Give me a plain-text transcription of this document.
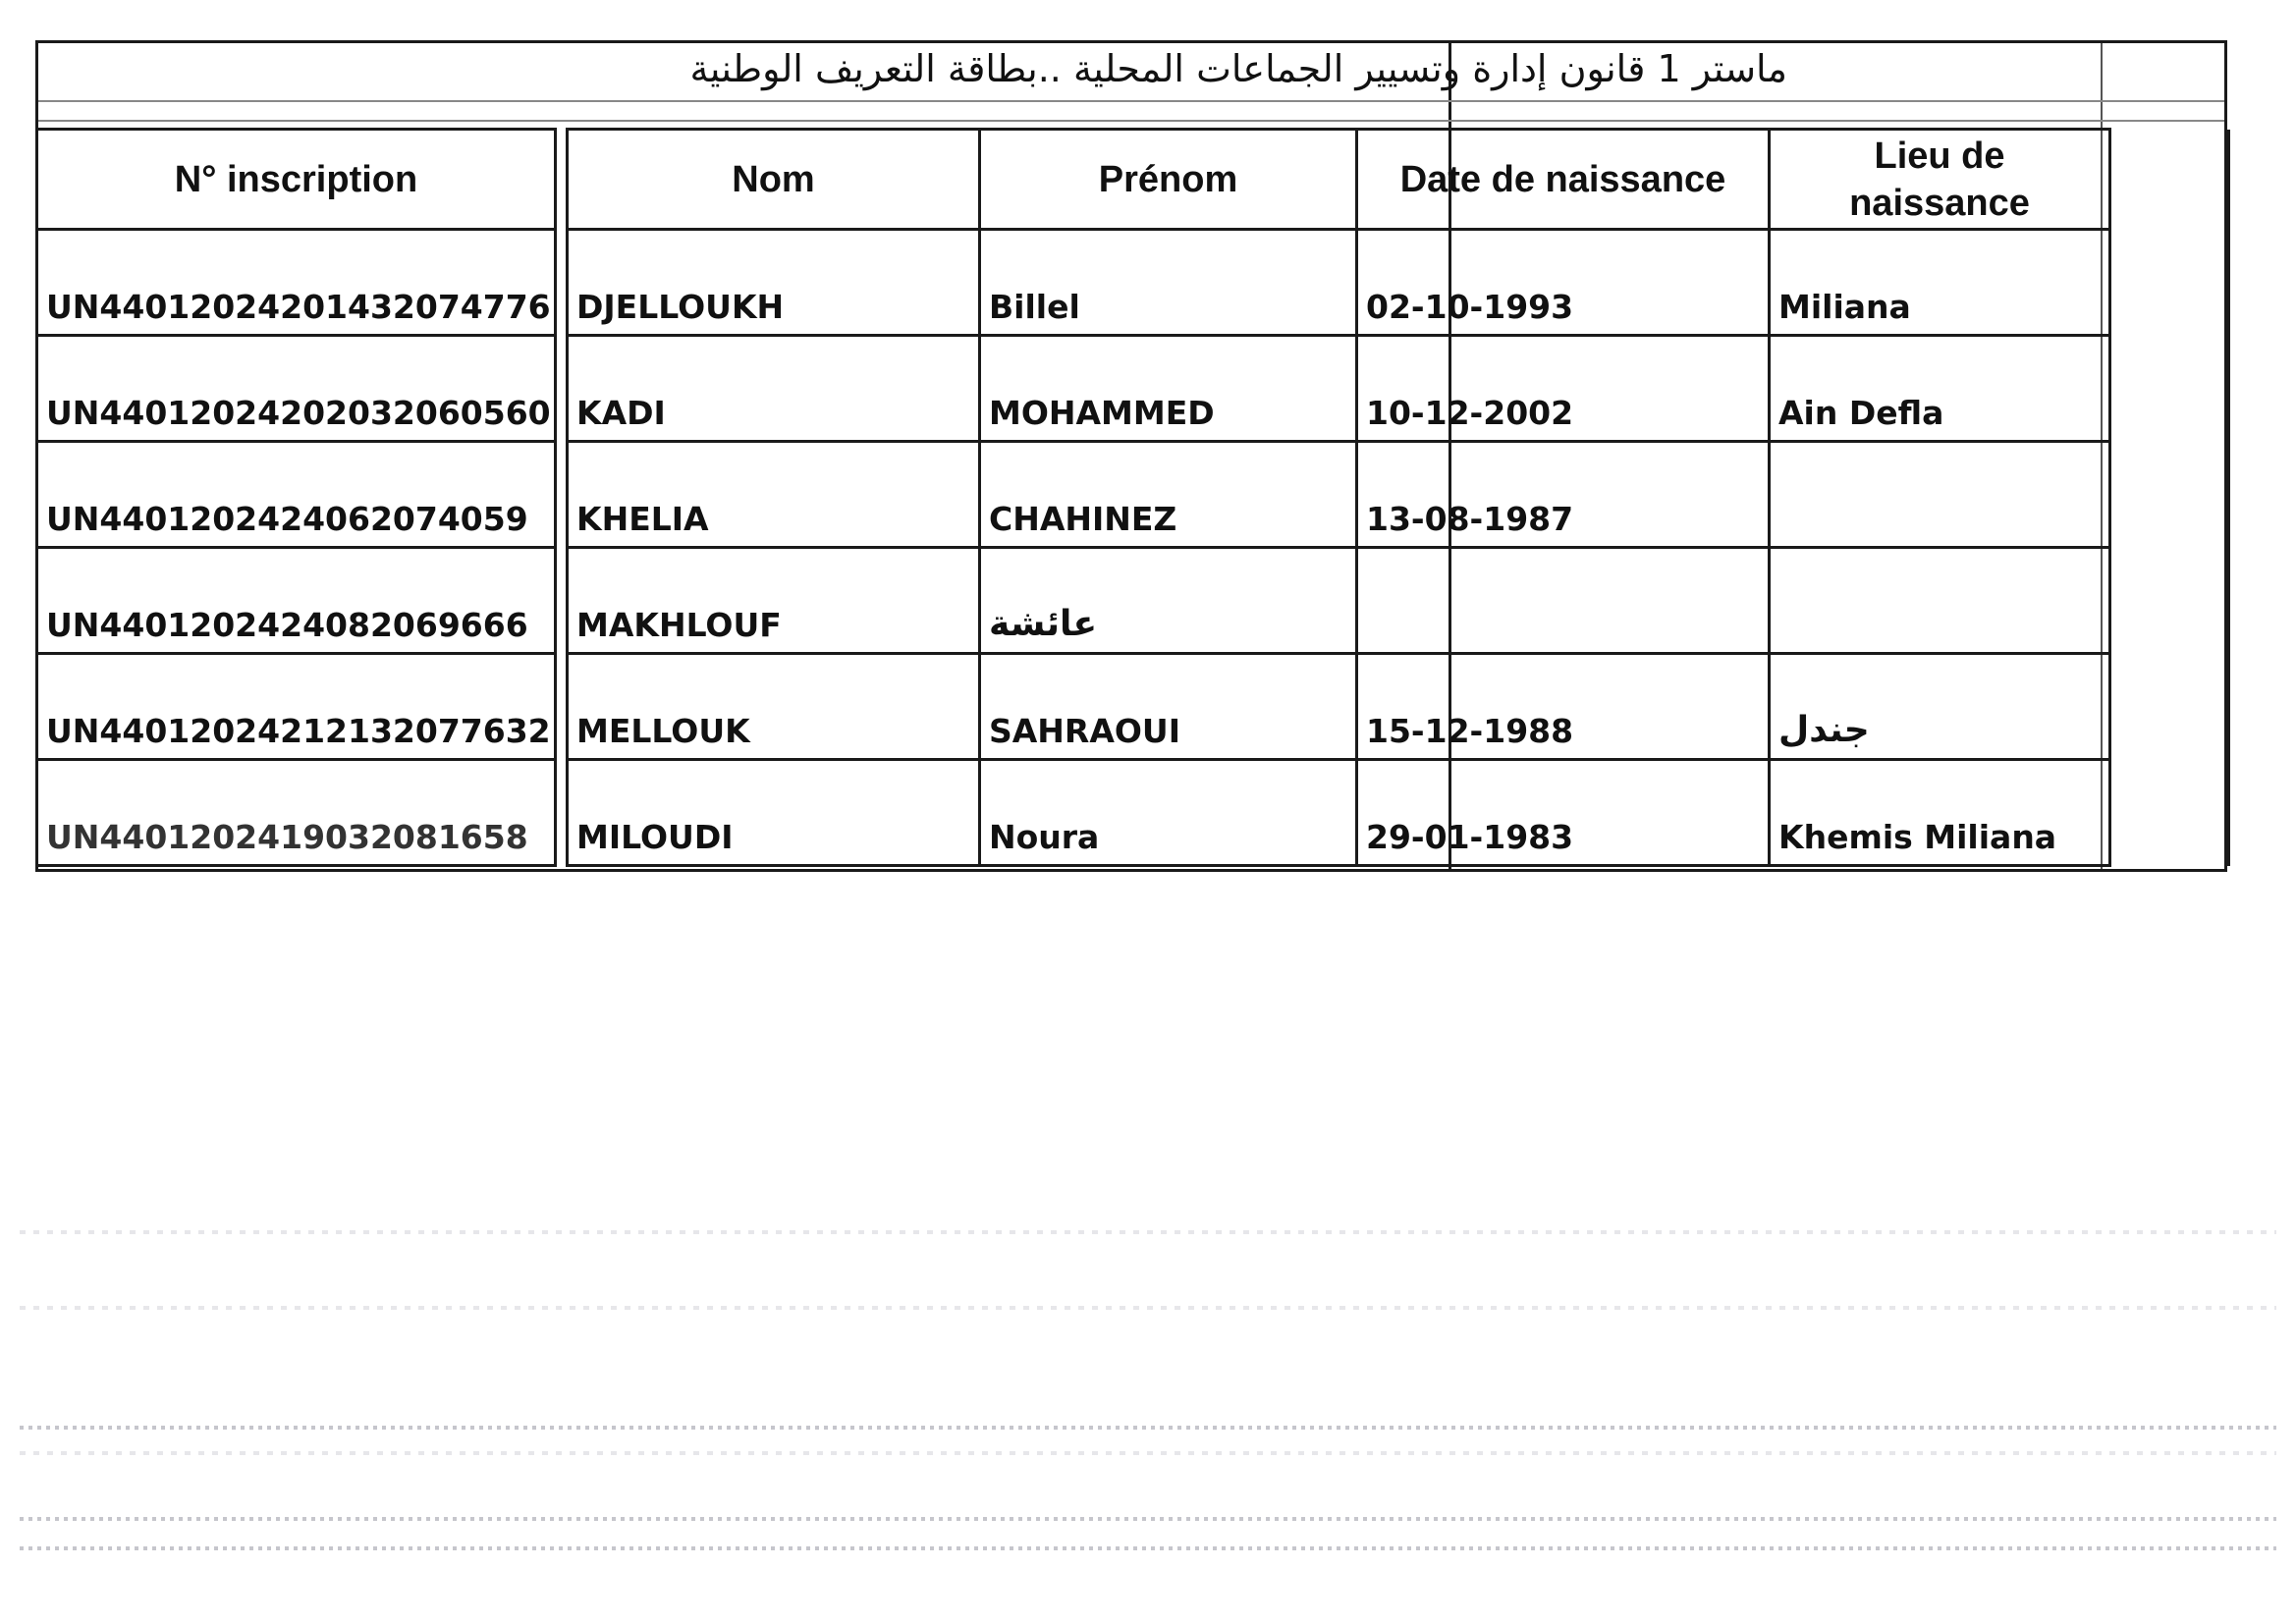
ماستر 1 قانون إدارة وتسيير الجماعات المحلية ..بطاقة التعريف الوطنية
N° inscription		Nom	Prénom	Date de naissance	Lieu de naissance	
UN44012024201432074776		DJELLOUKH	Billel	02-10-1993	Miliana	
UN44012024202032060560		KADI	MOHAMMED	10-12-2002	Ain Defla	
UN4401202424062074059		KHELIA	CHAHINEZ	13-08-1987		
UN4401202424082069666		MAKHLOUF	عائشة			
UN44012024212132077632		MELLOUK	SAHRAOUI	15-12-1988	جندل	
UN4401202419032081658		MILOUDI	Noura	29-01-1983	Khemis Miliana	
